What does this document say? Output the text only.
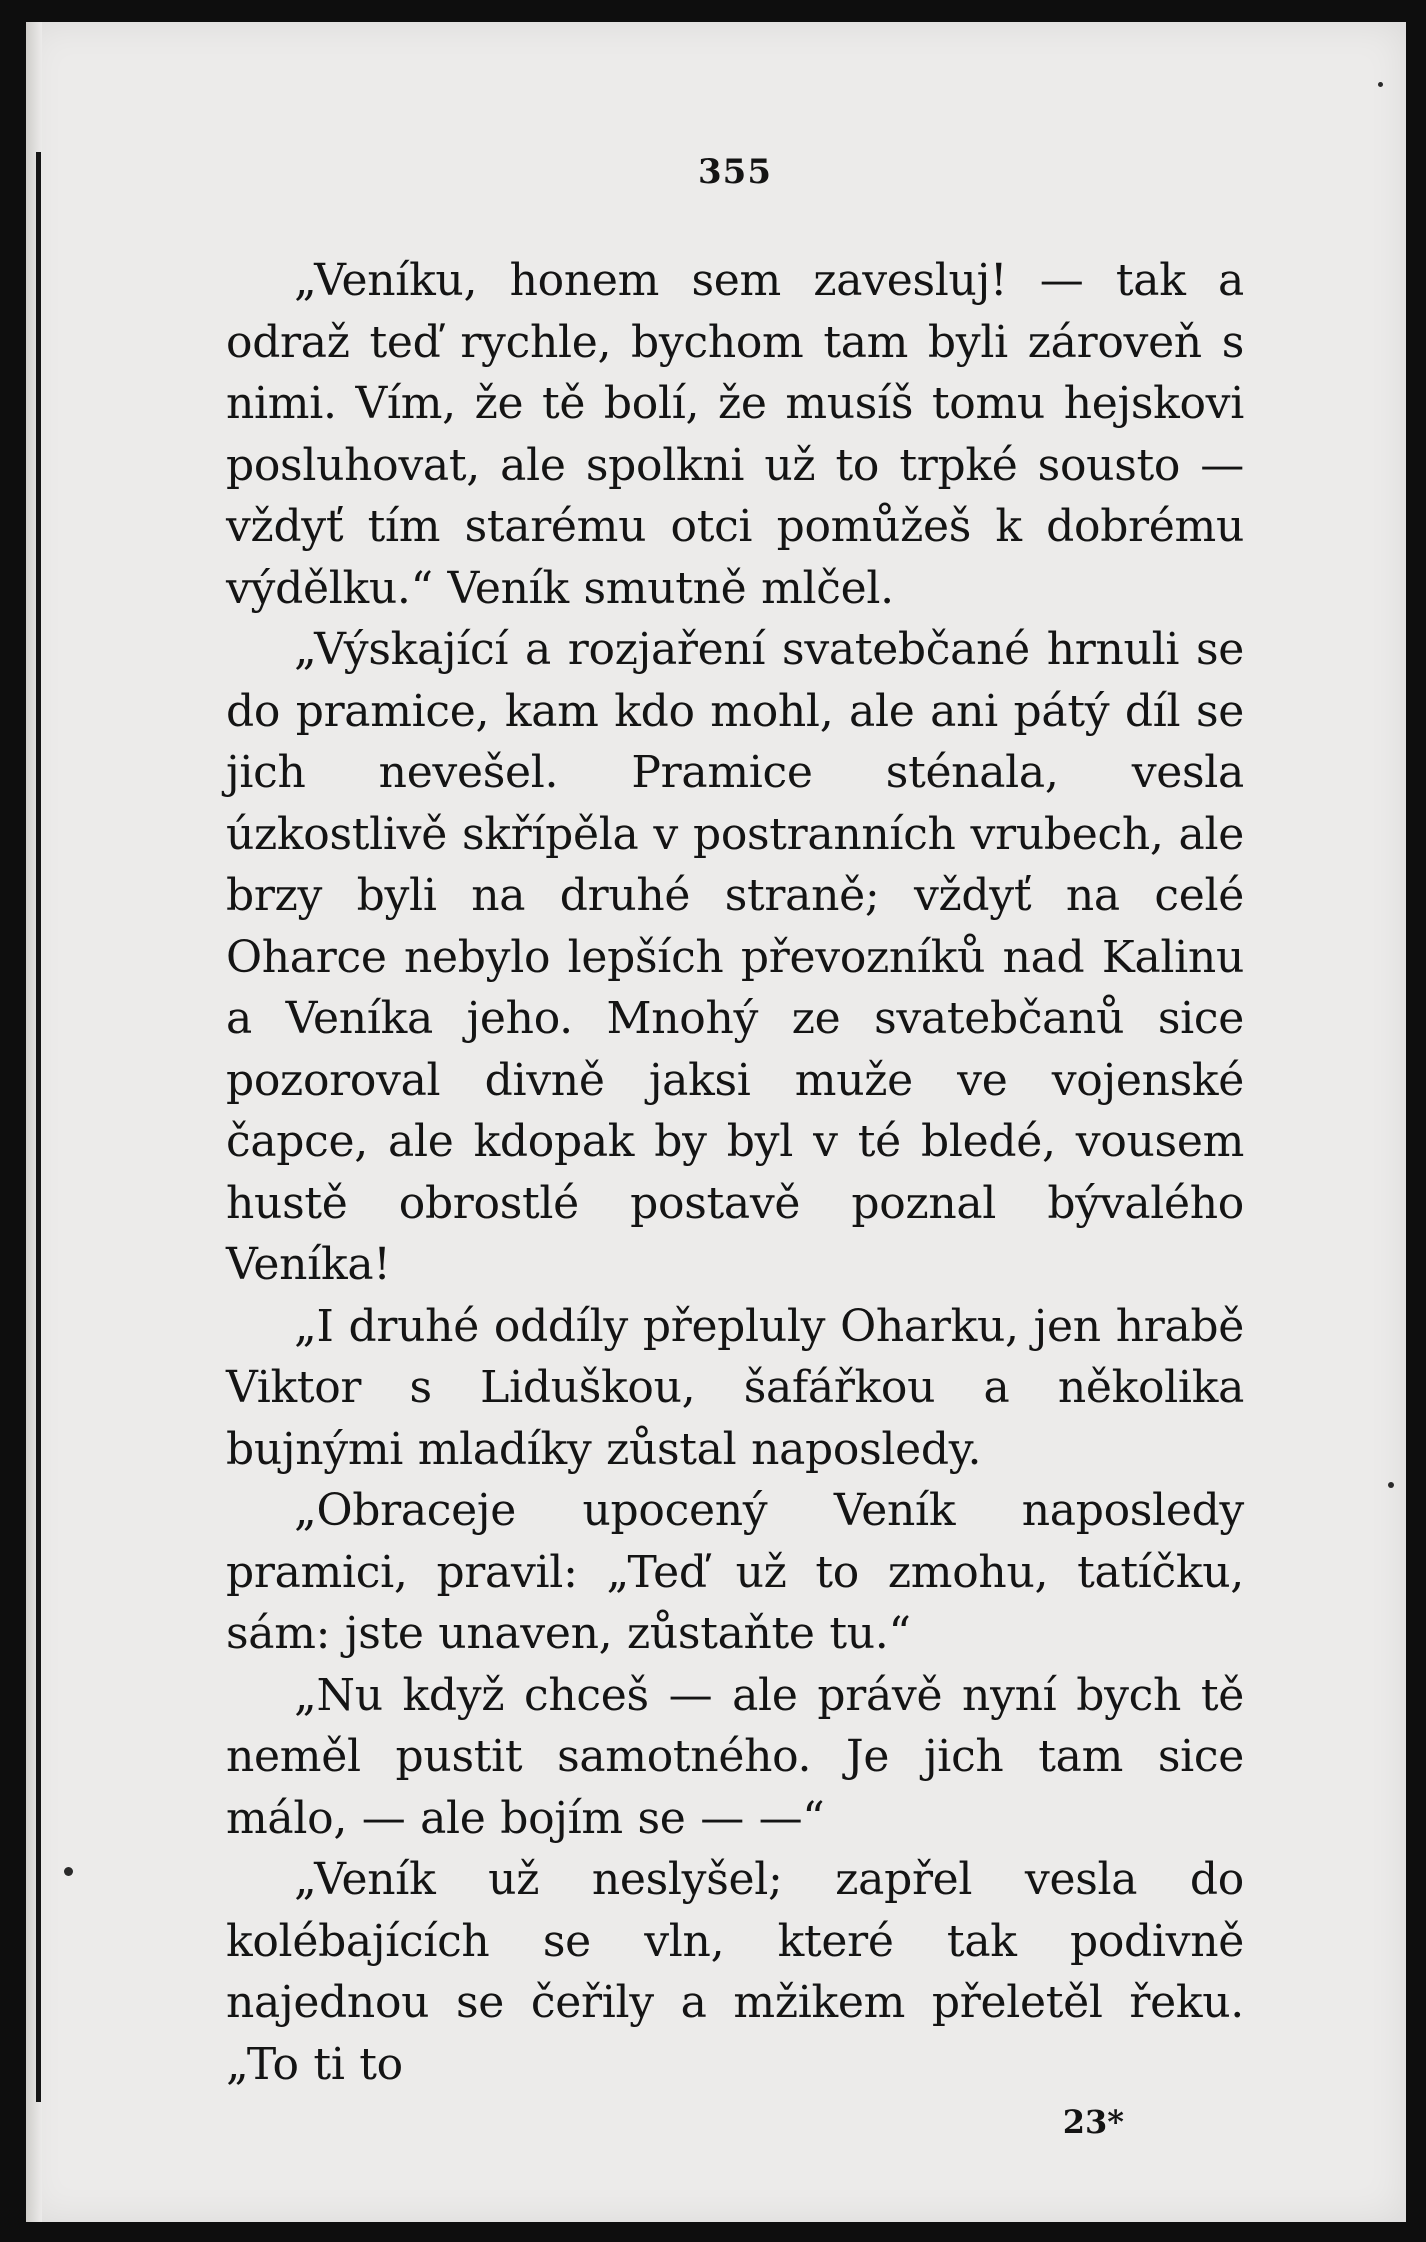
355

„Veníku, honem sem zavesluj! — tak a odraž teď rychle, bychom tam byli zároveň s nimi. Vím, že tě bolí, že musíš tomu hejskovi posluhovat, ale spolkni už to trpké sousto — vždyť tím starému otci pomůžeš k dobrému výdělku.“ Veník smutně mlčel.

„Výskající a rozjaření svatebčané hrnuli se do pramice, kam kdo mohl, ale ani pátý díl se jich nevešel. Pramice sténala, vesla úzkostlivě skřípěla v postranních vrubech, ale brzy byli na druhé straně; vždyť na celé Oharce nebylo lepších převozníků nad Kalinu a Veníka jeho. Mnohý ze svatebčanů sice pozoroval divně jaksi muže ve vojenské čapce, ale kdopak by byl v té bledé, vousem hustě obrostlé postavě poznal bývalého Veníka!

„I druhé oddíly přepluly Oharku, jen hrabě Viktor s Liduškou, šafářkou a několika bujnými mladíky zůstal naposledy.

„Obraceje upocený Veník naposledy pramici, pravil: „Teď už to zmohu, tatíčku, sám: jste unaven, zůstaňte tu.“

„Nu když chceš — ale právě nyní bych tě neměl pustit samotného. Je jich tam sice málo, — ale bojím se — —“

„Veník už neslyšel; zapřel vesla do kolébajících se vln, které tak podivně najednou se čeřily a mžikem přeletěl řeku. „To ti to

23*
